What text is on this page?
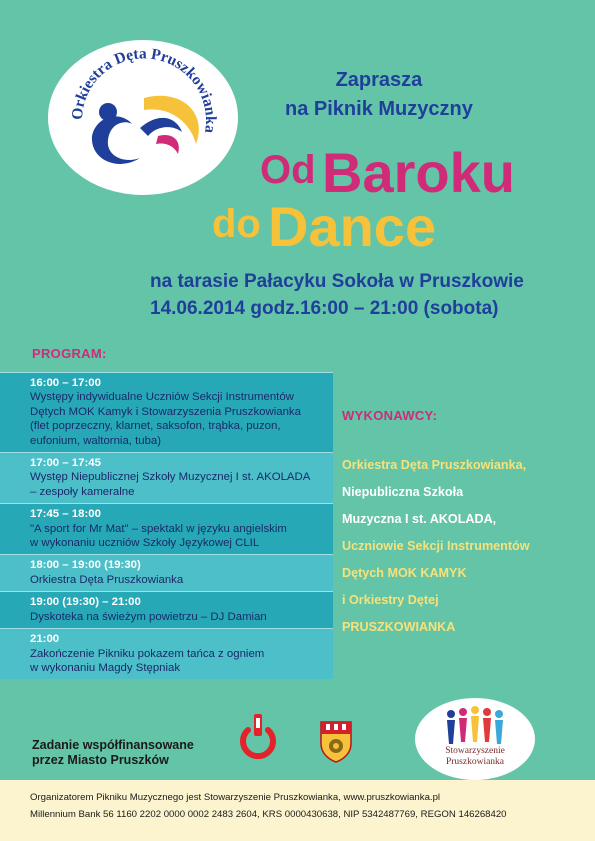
Orkiestra Dęta Pruszkowianka
Zaprasza
na Piknik Muzyczny
Od Baroku
do Dance
na tarasie Pałacyku Sokoła w Pruszkowie
14.06.2014 godz.16:00 – 21:00 (sobota)
PROGRAM:
16:00 – 17:00
Występy indywidualne Uczniów Sekcji Instrumentów
Dętych MOK Kamyk i Stowarzyszenia Pruszkowianka
(flet poprzeczny, klarnet, saksofon, trąbka, puzon,
eufonium, waltornia, tuba)
17:00 – 17:45
Występ Niepublicznej Szkoły Muzycznej I st. AKOLADA
– zespoły kameralne
17:45 – 18:00
"A sport for Mr Mat" – spektakl w języku angielskim
w wykonaniu uczniów Szkoły Językowej CLIL
18:00 – 19:00 (19:30)
Orkiestra Dęta Pruszkowianka
19:00 (19:30) – 21:00
Dyskoteka na świeżym powietrzu – DJ Damian
21:00
Zakończenie Pikniku pokazem tańca z ogniem
w wykonaniu Magdy Stępniak
WYKONAWCY:
Orkiestra Dęta Pruszkowianka,
Niepubliczna Szkoła
Muzyczna I st. AKOLADA,
Uczniowie Sekcji Instrumentów
Dętych MOK KAMYK
i Orkiestry Dętej
PRUSZKOWIANKA
Zadanie współfinansowane
przez Miasto Pruszków
Stowarzyszenie
Pruszkowianka
Organizatorem Pikniku Muzycznego jest Stowarzyszenie Pruszkowianka, www.pruszkowianka.pl
Millennium Bank 56 1160 2202 0000 0002 2483 2604, KRS 0000430638, NIP 5342487769, REGON 146268420
